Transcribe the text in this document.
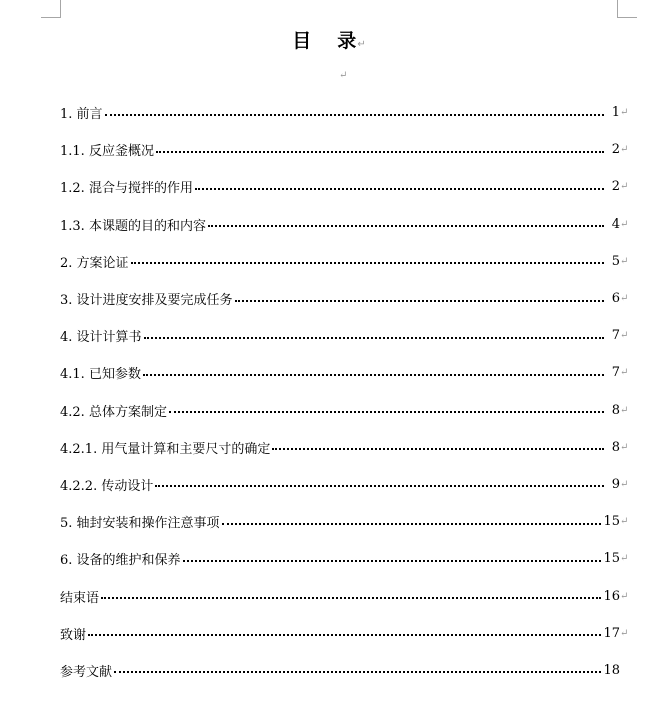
目 录↵
↵
1. 前言	1 ↵
1.1. 反应釜概况	2 ↵
1.2. 混合与搅拌的作用	2 ↵
1.3. 本课题的目的和内容	4 ↵
2. 方案论证	5 ↵
3. 设计进度安排及要完成任务	6 ↵
4. 设计计算书	7 ↵
4.1. 已知参数	7 ↵
4.2. 总体方案制定	8 ↵
4.2.1. 用气量计算和主要尺寸的确定	8 ↵
4.2.2. 传动设计	9 ↵
5. 轴封安装和操作注意事项	15 ↵
6. 设备的维护和保养	15 ↵
结束语	16 ↵
致谢	17 ↵
参考文献	18
